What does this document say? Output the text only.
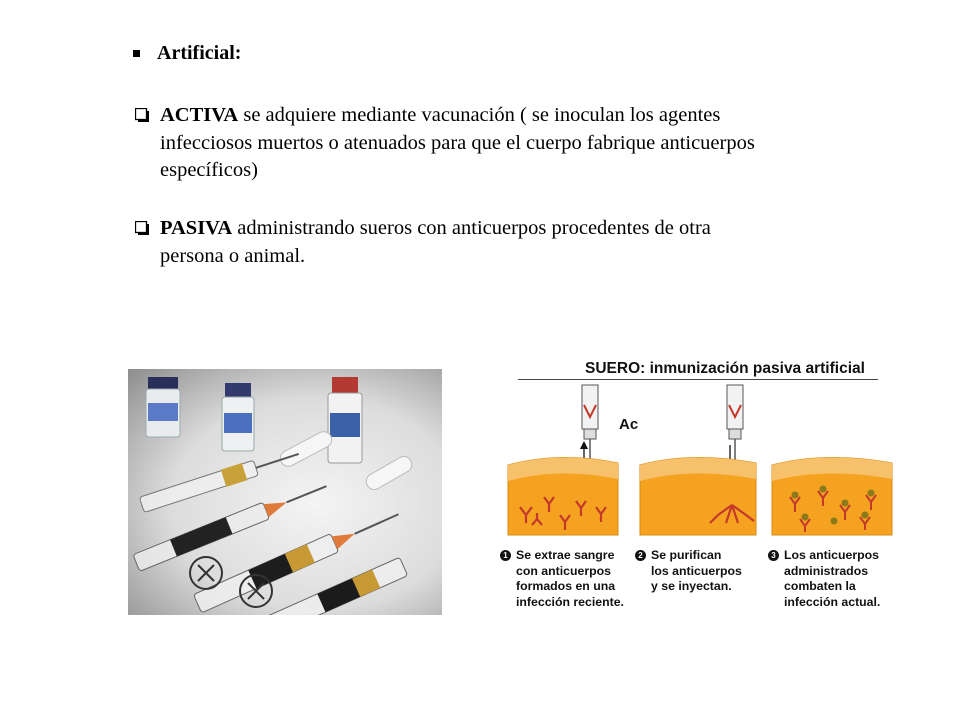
Artificial:
ACTIVA se adquiere mediante vacunación ( se inoculan los agentes
infecciosos muertos o atenuados para que el cuerpo fabrique anticuerpos
específicos)
PASIVA administrando sueros con anticuerpos procedentes de otra
persona o animal.
SUERO: inmunización pasiva artificial
Ac
1 Se extrae sangre
con anticuerpos
formados en una
infección reciente.
2 Se purifican
los anticuerpos
y se inyectan.
3 Los anticuerpos
administrados
combaten la
infección actual.
